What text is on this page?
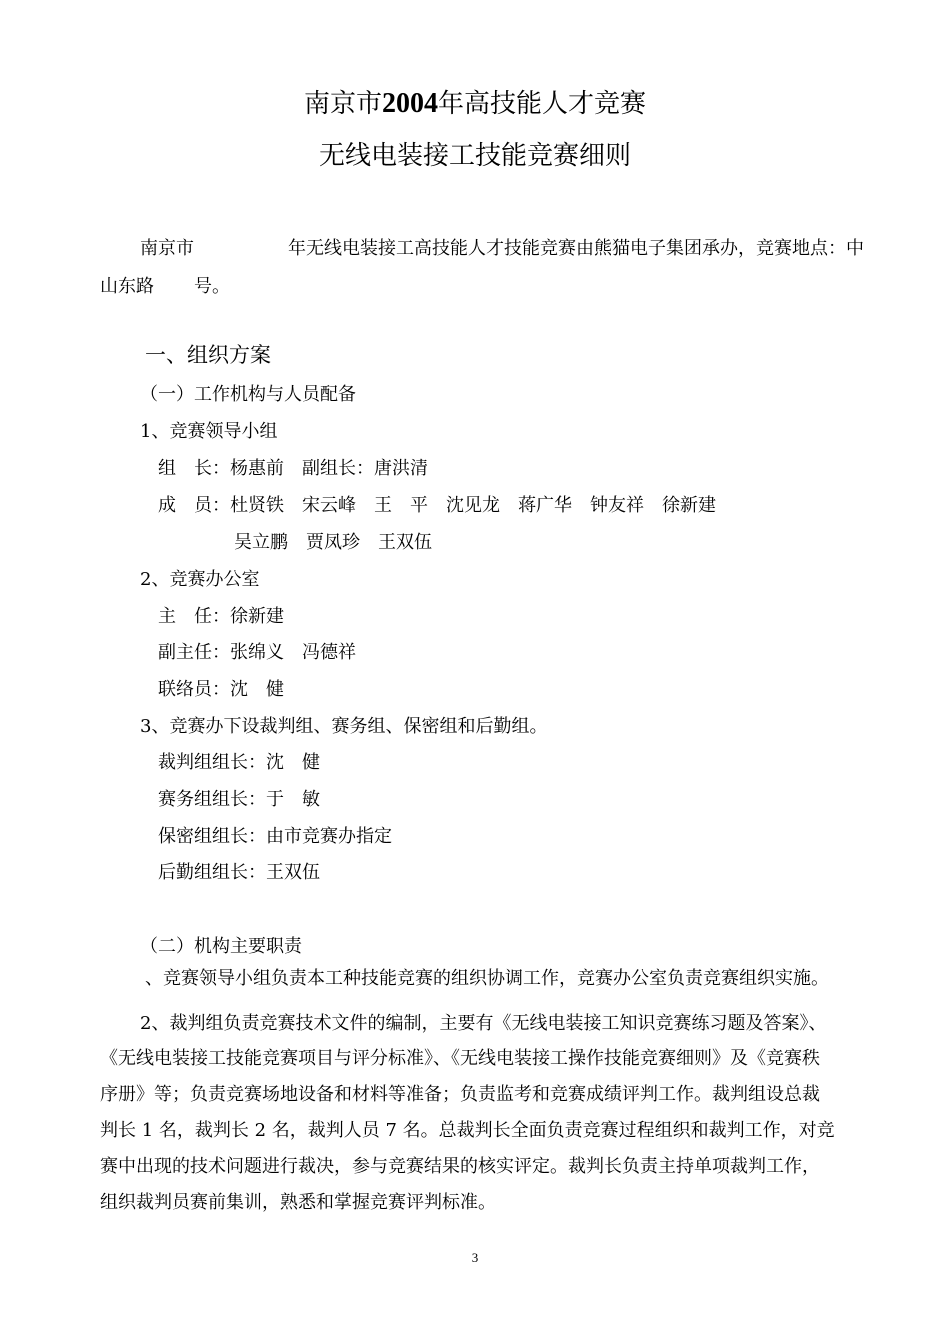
南京市2004年高技能人才竞赛
无线电装接工技能竞赛细则
南京市	年无线电装接工高技能人才技能竞赛由熊猫电子集团承办，竞赛地点：中
山东路 号。
一、组织方案
（一）工作机构与人员配备
1、竞赛领导小组
组　长：杨惠前 副组长：唐洪清
成　员：杜贤铁 宋云峰 王　平 沈见龙 蒋广华 钟友祥 徐新建
吴立鹏 贾凤珍 王双伍
2、竞赛办公室
主　任：徐新建
副主任：张绵义 冯德祥
联络员：沈　健
3、竞赛办下设裁判组、赛务组、保密组和后勤组。
裁判组组长：沈　健
赛务组组长：于　敏
保密组组长：由市竞赛办指定
后勤组组长：王双伍
（二）机构主要职责
、竞赛领导小组负责本工种技能竞赛的组织协调工作，竞赛办公室负责竞赛组织实施。
2、裁判组负责竞赛技术文件的编制，主要有《无线电装接工知识竞赛练习题及答案》、
《无线电装接工技能竞赛项目与评分标准》、《无线电装接工操作技能竞赛细则》及《竞赛秩
序册》等；负责竞赛场地设备和材料等准备；负责监考和竞赛成绩评判工作。裁判组设总裁
判长 1 名，裁判长 2 名，裁判人员 7 名。总裁判长全面负责竞赛过程组织和裁判工作，对竞
赛中出现的技术问题进行裁决，参与竞赛结果的核实评定。裁判长负责主持单项裁判工作，
组织裁判员赛前集训，熟悉和掌握竞赛评判标准。
3
